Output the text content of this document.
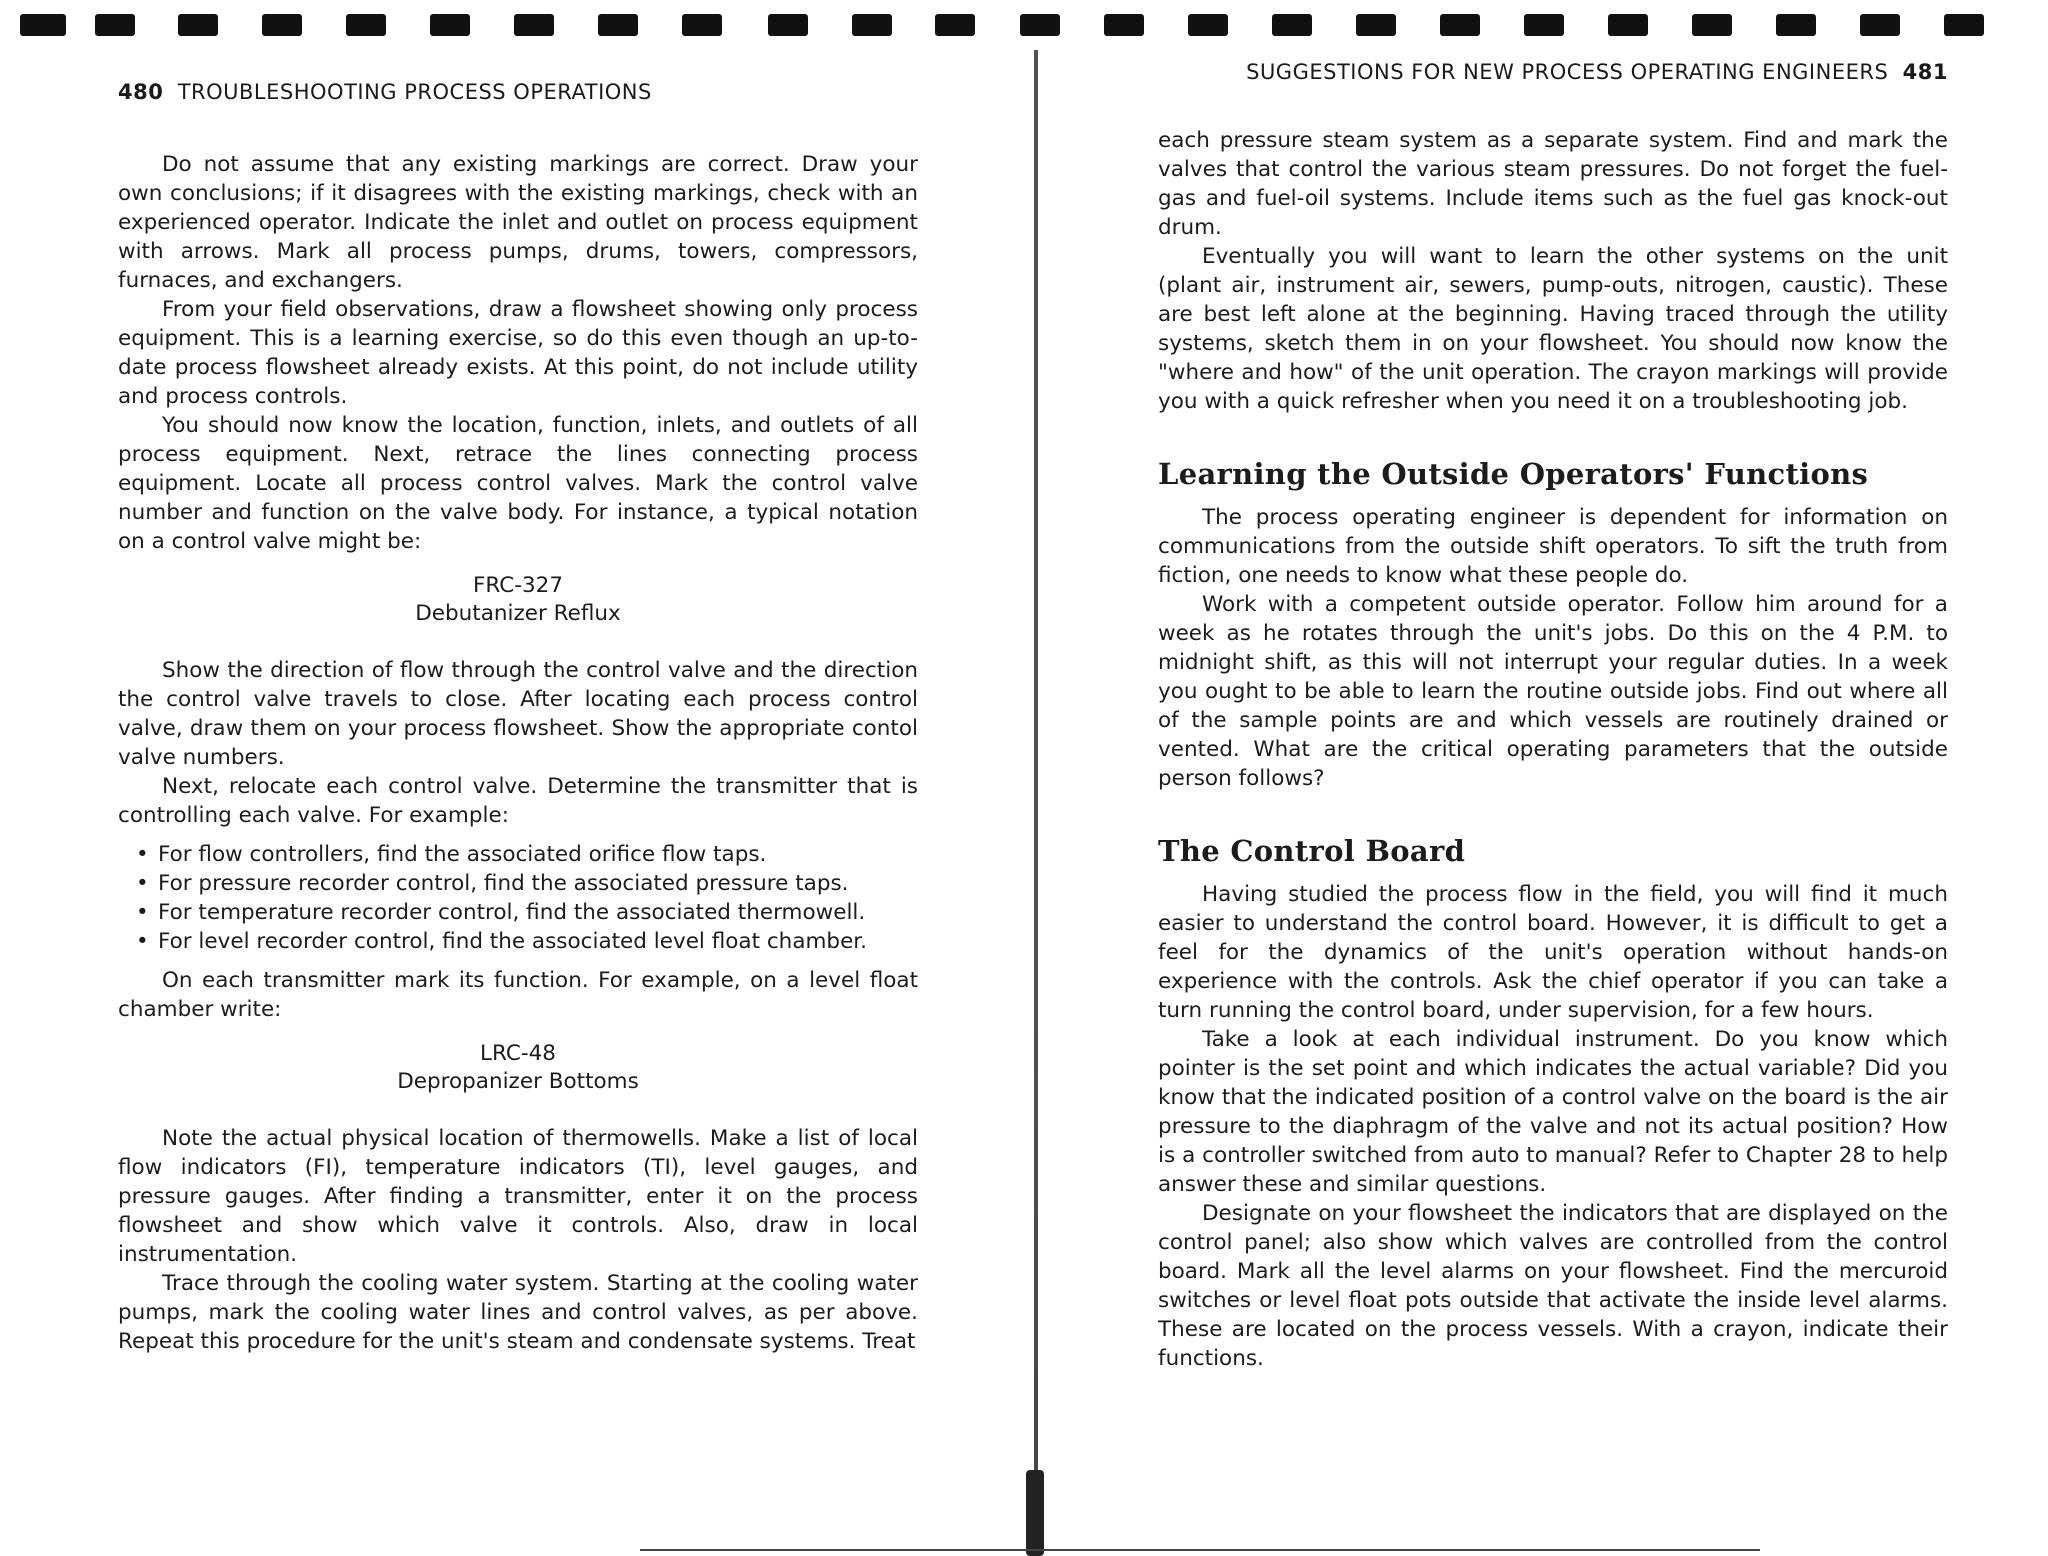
480 TROUBLESHOOTING PROCESS OPERATIONS

Do not assume that any existing markings are correct. Draw your own conclusions; if it disagrees with the existing markings, check with an experienced operator. Indicate the inlet and outlet on process equipment with arrows. Mark all process pumps, drums, towers, compressors, furnaces, and exchangers.

From your field observations, draw a flowsheet showing only process equipment. This is a learning exercise, so do this even though an up-to-date process flowsheet already exists. At this point, do not include utility and process controls.

You should now know the location, function, inlets, and outlets of all process equipment. Next, retrace the lines connecting process equipment. Locate all process control valves. Mark the control valve number and function on the valve body. For instance, a typical notation on a control valve might be:

FRC-327
Debutanizer Reflux

Show the direction of flow through the control valve and the direction the control valve travels to close. After locating each process control valve, draw them on your process flowsheet. Show the appropriate contol valve numbers.

Next, relocate each control valve. Determine the transmitter that is controlling each valve. For example:

• For flow controllers, find the associated orifice flow taps.
• For pressure recorder control, find the associated pressure taps.
• For temperature recorder control, find the associated thermowell.
• For level recorder control, find the associated level float chamber.

On each transmitter mark its function. For example, on a level float chamber write:

LRC-48
Depropanizer Bottoms

Note the actual physical location of thermowells. Make a list of local flow indicators (FI), temperature indicators (TI), level gauges, and pressure gauges. After finding a transmitter, enter it on the process flowsheet and show which valve it controls. Also, draw in local instrumentation.

Trace through the cooling water system. Starting at the cooling water pumps, mark the cooling water lines and control valves, as per above. Repeat this procedure for the unit's steam and condensate systems. Treat

SUGGESTIONS FOR NEW PROCESS OPERATING ENGINEERS 481

each pressure steam system as a separate system. Find and mark the valves that control the various steam pressures. Do not forget the fuel-gas and fuel-oil systems. Include items such as the fuel gas knock-out drum.

Eventually you will want to learn the other systems on the unit (plant air, instrument air, sewers, pump-outs, nitrogen, caustic). These are best left alone at the beginning. Having traced through the utility systems, sketch them in on your flowsheet. You should now know the "where and how" of the unit operation. The crayon markings will provide you with a quick refresher when you need it on a troubleshooting job.

Learning the Outside Operators' Functions

The process operating engineer is dependent for information on communications from the outside shift operators. To sift the truth from fiction, one needs to know what these people do.

Work with a competent outside operator. Follow him around for a week as he rotates through the unit's jobs. Do this on the 4 P.M. to midnight shift, as this will not interrupt your regular duties. In a week you ought to be able to learn the routine outside jobs. Find out where all of the sample points are and which vessels are routinely drained or vented. What are the critical operating parameters that the outside person follows?

The Control Board

Having studied the process flow in the field, you will find it much easier to understand the control board. However, it is difficult to get a feel for the dynamics of the unit's operation without hands-on experience with the controls. Ask the chief operator if you can take a turn running the control board, under supervision, for a few hours.

Take a look at each individual instrument. Do you know which pointer is the set point and which indicates the actual variable? Did you know that the indicated position of a control valve on the board is the air pressure to the diaphragm of the valve and not its actual position? How is a controller switched from auto to manual? Refer to Chapter 28 to help answer these and similar questions.

Designate on your flowsheet the indicators that are displayed on the control panel; also show which valves are controlled from the control board. Mark all the level alarms on your flowsheet. Find the mercuroid switches or level float pots outside that activate the inside level alarms. These are located on the process vessels. With a crayon, indicate their functions.
